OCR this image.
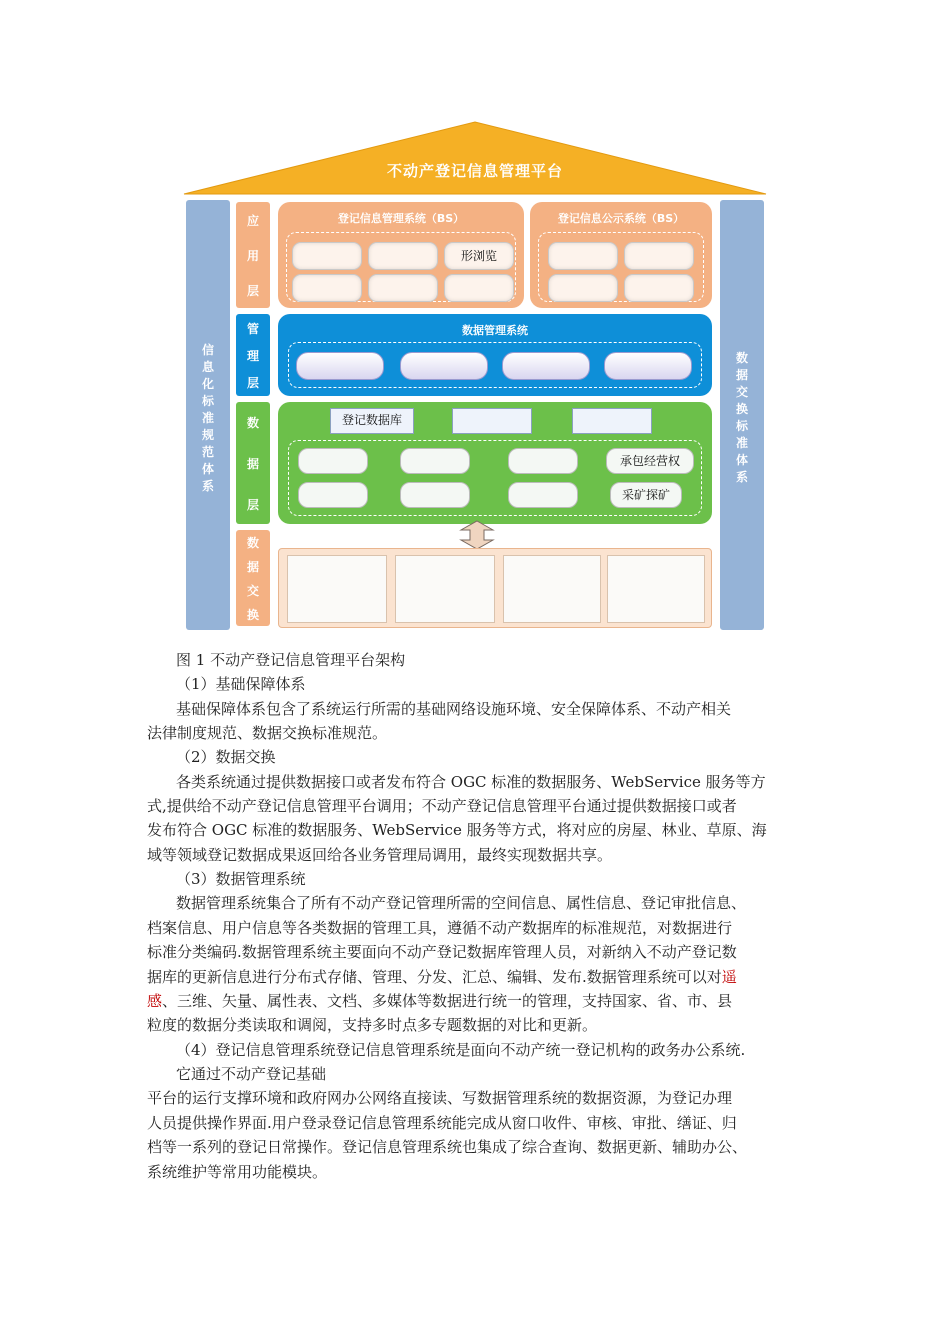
不动产登记信息管理平台
信
息
化
标
准
规
范
体
系
数
据
交
换
标
准
体
系
应
用
层
管
理
层
数
据
层
数
据
交
换
登记信息管理系统（BS）
形浏览
登记信息公示系统（BS）
数据管理系统
登记数据库
承包经营权
采矿探矿
图 1 不动产登记信息管理平台架构
（1）基础保障体系
基础保障体系包含了系统运行所需的基础网络设施环境、安全保障体系、不动产相关
法律制度规范、数据交换标准规范。
（2）数据交换
各类系统通过提供数据接口或者发布符合 OGC 标准的数据服务、WebService 服务等方
式,提供给不动产登记信息管理平台调用；不动产登记信息管理平台通过提供数据接口或者
发布符合 OGC 标准的数据服务、WebService 服务等方式，将对应的房屋、林业、草原、海
域等领域登记数据成果返回给各业务管理局调用，最终实现数据共享。
（3）数据管理系统
数据管理系统集合了所有不动产登记管理所需的空间信息、属性信息、登记审批信息、
档案信息、用户信息等各类数据的管理工具，遵循不动产数据库的标准规范，对数据进行
标准分类编码.数据管理系统主要面向不动产登记数据库管理人员，对新纳入不动产登记数
据库的更新信息进行分布式存储、管理、分发、汇总、编辑、发布.数据管理系统可以对遥
感、三维、矢量、属性表、文档、多媒体等数据进行统一的管理，支持国家、省、市、县
粒度的数据分类读取和调阅，支持多时点多专题数据的对比和更新。
（4）登记信息管理系统登记信息管理系统是面向不动产统一登记机构的政务办公系统.
它通过不动产登记基础
平台的运行支撑环境和政府网办公网络直接读、写数据管理系统的数据资源，为登记办理
人员提供操作界面.用户登录登记信息管理系统能完成从窗口收件、审核、审批、缮证、归
档等一系列的登记日常操作。登记信息管理系统也集成了综合查询、数据更新、辅助办公、
系统维护等常用功能模块。
